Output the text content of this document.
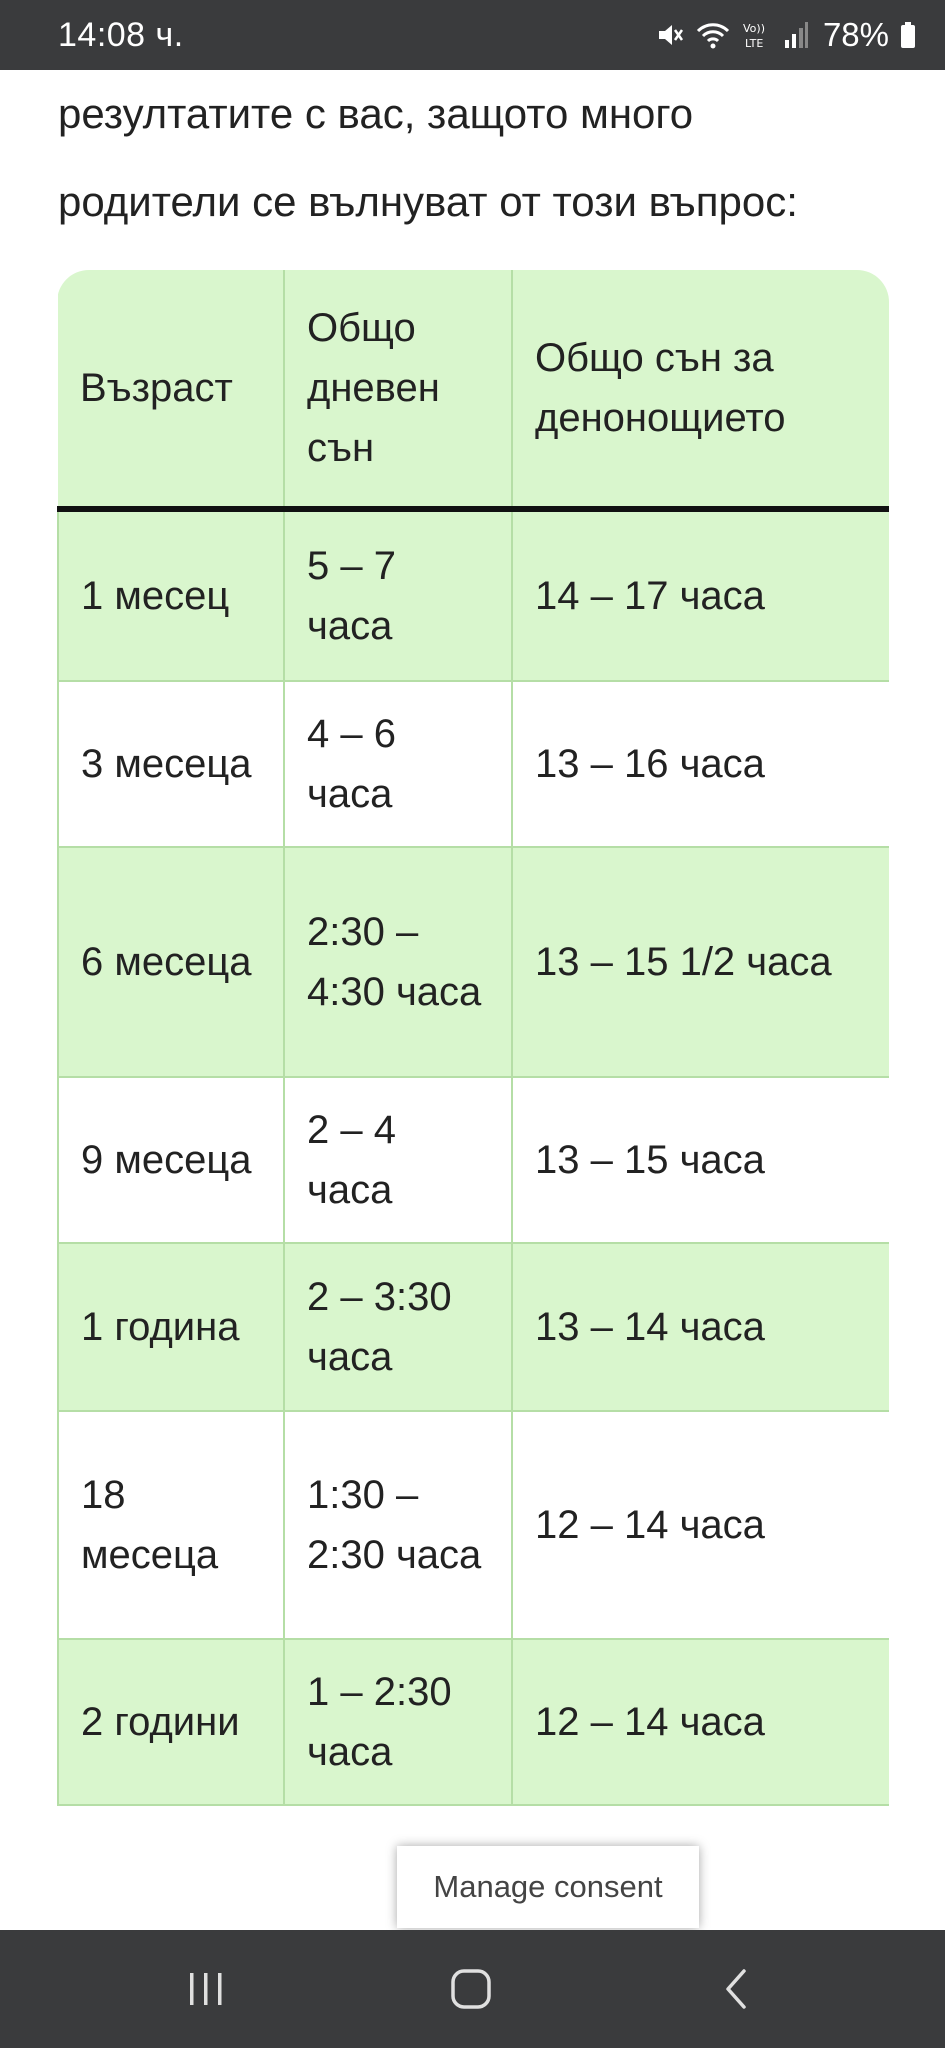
14:08 ч.	Vo))
LTE 78%

резултатите с вас, защото много

родители се вълнуват от този въпрос:

Възраст	Общо дневен сън	Общо сън за денонощието
1 месец	5 – 7 часа	14 – 17 часа
3 месеца	4 – 6 часа	13 – 16 часа
6 месеца	2:30 – 4:30 часа	13 – 15 1/2 часа
9 месеца	2 – 4 часа	13 – 15 часа
1 година	2 – 3:30 часа	13 – 14 часа
18 месеца	1:30 – 2:30 часа	12 – 14 часа
2 години	1 – 2:30 часа	12 – 14 часа
Manage consent
